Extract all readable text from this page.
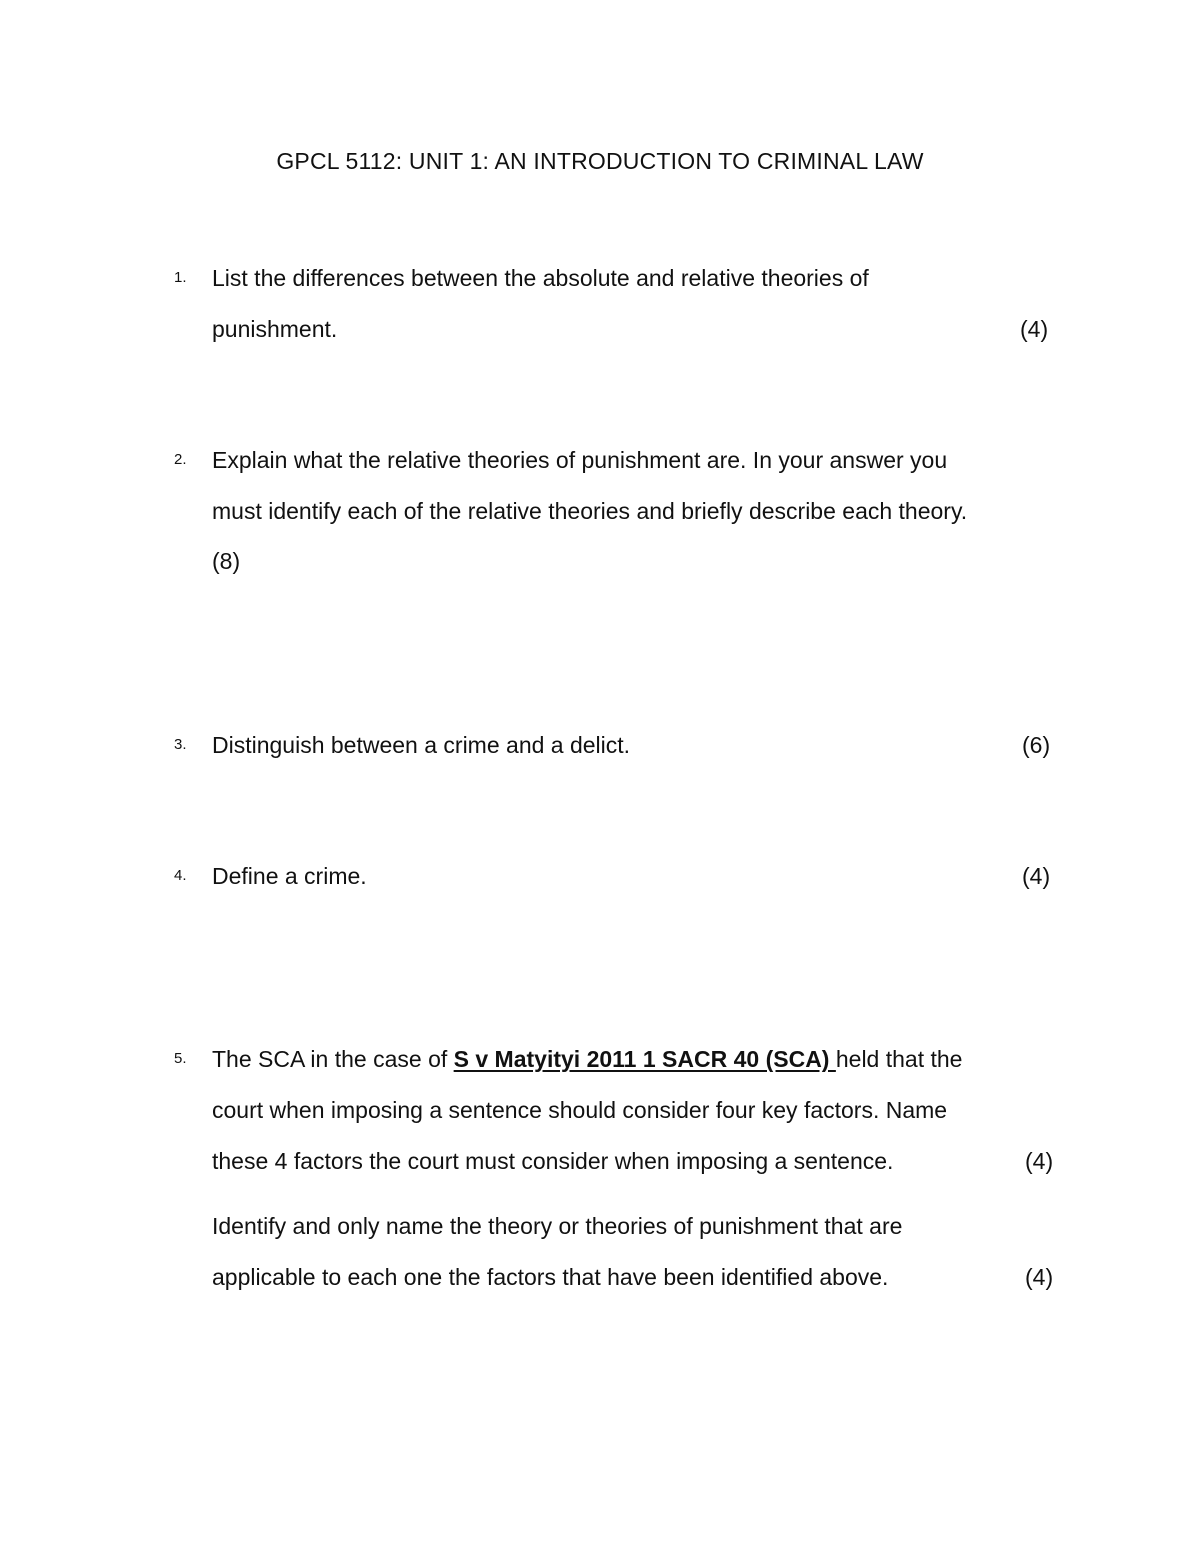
GPCL 5112: UNIT 1: AN INTRODUCTION TO CRIMINAL LAW
1. List the differences between the absolute and relative theories of
punishment.	(4)
2. Explain what the relative theories of punishment are. In your answer you
must identify each of the relative theories and briefly describe each theory.
(8)
3. Distinguish between a crime and a delict.	(6)
4. Define a crime.	(4)
5. The SCA in the case of S v Matyityi 2011 1 SACR 40 (SCA) held that the
court when imposing a sentence should consider four key factors. Name
these 4 factors the court must consider when imposing a sentence.	(4)
Identify and only name the theory or theories of punishment that are
applicable to each one the factors that have been identified above.	(4)
